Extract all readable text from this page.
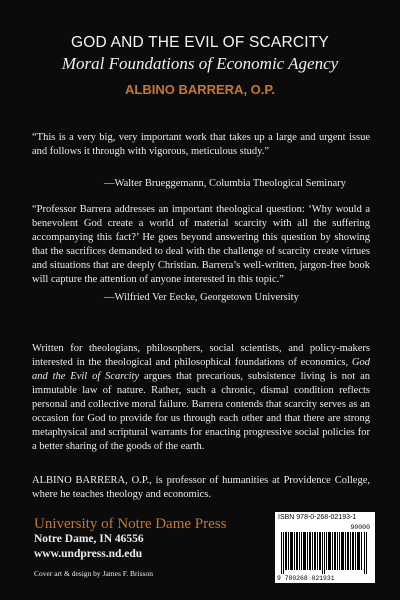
GOD AND THE EVIL OF SCARCITY
Moral Foundations of Economic Agency
ALBINO BARRERA, O.P.
“This is a very big, very important work that takes up a large and urgent issue and follows it through with vigorous, meticulous study.”
—Walter Brueggemann, Columbia Theological Seminary
“Professor Barrera addresses an important theological question: ‘Why would a benevolent God create a world of material scarcity with all the suffering accompanying this fact?’ He goes beyond answering this question by showing that the sacrifices demanded to deal with the challenge of scarcity create virtues and situations that are deeply Christian. Barrera’s well-written, jargon-free book will capture the attention of anyone interested in this topic.”
—Wilfried Ver Eecke, Georgetown University
Written for theologians, philosophers, social scientists, and policy-makers interested in the theological and philosophical foundations of economics, God and the Evil of Scarcity argues that precarious, subsistence living is not an immutable law of nature. Rather, such a chronic, dismal condition reflects personal and collective moral failure. Barrera contends that scarcity serves as an occasion for God to provide for us through each other and that there are strong metaphysical and scriptural warrants for enacting progressive social policies for a better sharing of the goods of the earth.
ALBINO BARRERA, O.P., is professor of humanities at Providence College, where he teaches theology and economics.
University of Notre Dame Press
Notre Dame, IN 46556
www.undpress.nd.edu
Cover art & design by James F. Brisson
ISBN 978-0-268-02193-1
90000
9 780268 021931
